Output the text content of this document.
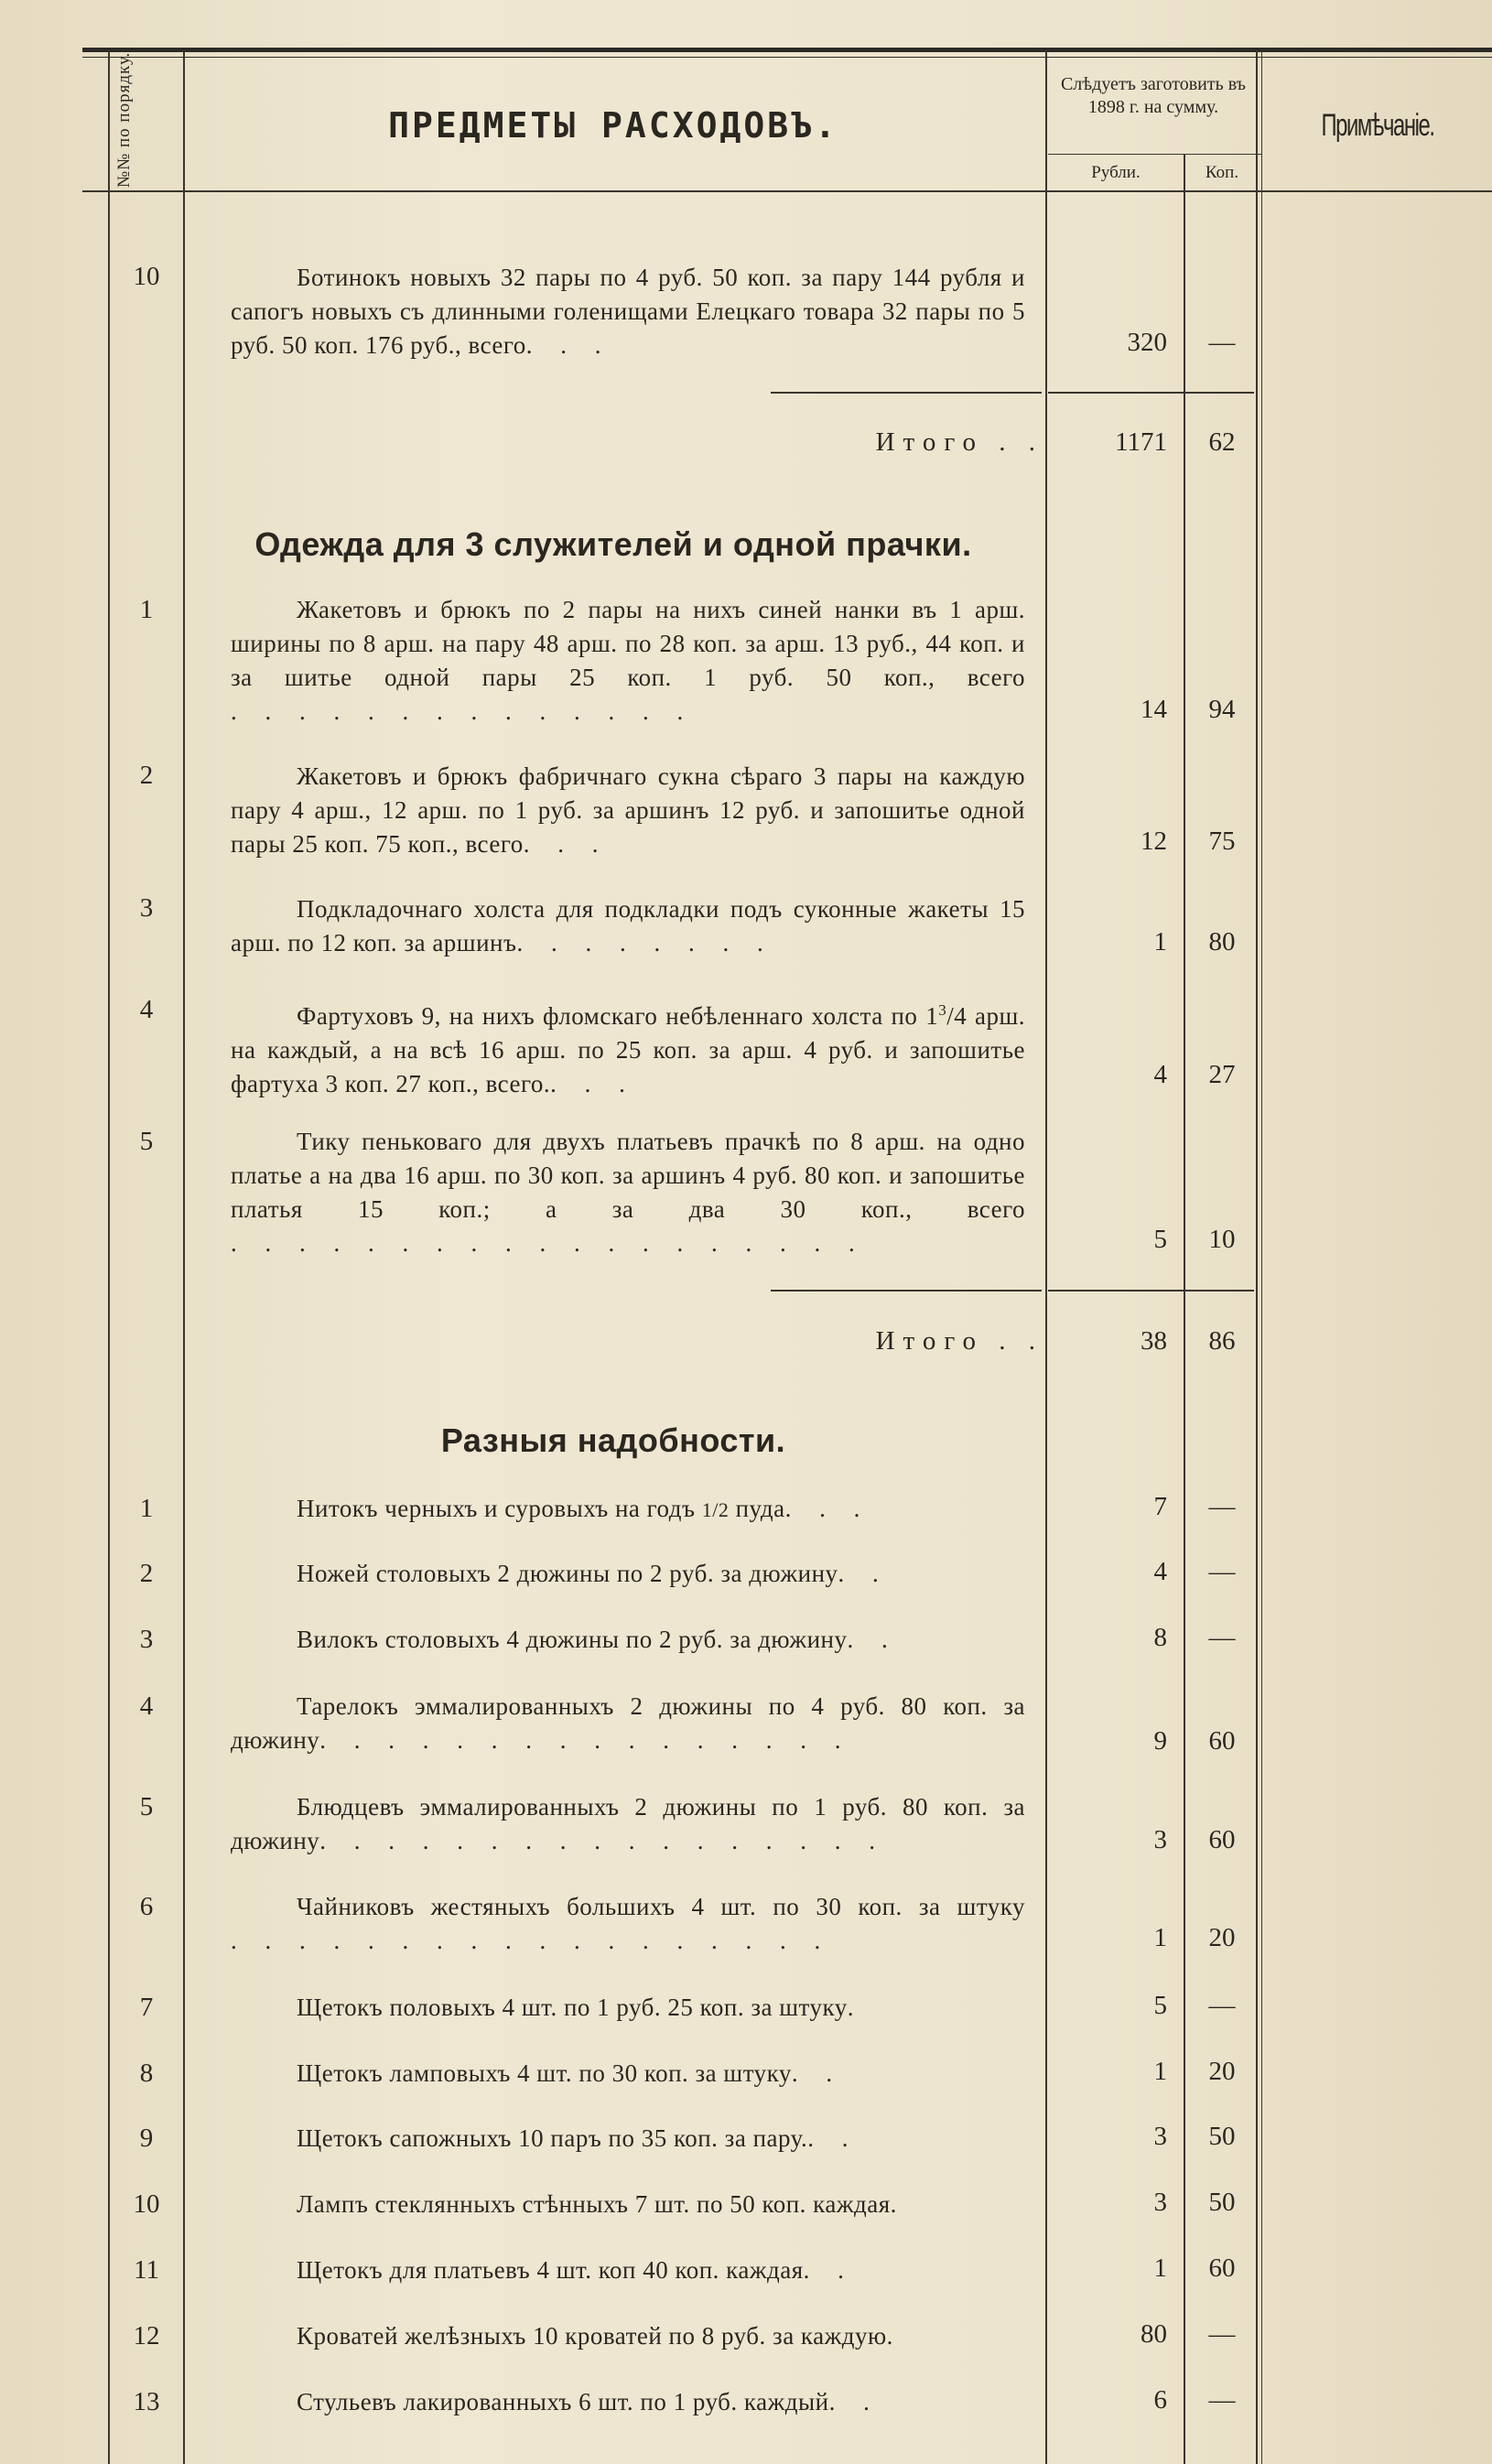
№№ по порядку.	ПРЕДМЕТЫ РАСХОДОВЪ.
Слѣдуетъ заготовить въ 1898 г. на сумму.
Рубли.	Коп.
Примѣчаніе.
10	Ботинокъ новыхъ 32 пары по 4 руб. 50 коп. за пару 144 рубля и сапогъ новыхъ съ длинными голенищами Елецкаго товара 32 пары по 5 руб. 50 коп. 176 руб., всего. . .	320	—
Итого . .	1171	62
Одежда для 3 служителей и одной прачки.
1	Жакетовъ и брюкъ по 2 пары на нихъ синей нанки въ 1 арш. ширины по 8 арш. на пару 48 арш. по 28 коп. за арш. 13 руб., 44 коп. и за шитье одной пары 25 коп. 1 руб. 50 коп., всего. . . . . . . . . . . . . .	14	94
2	Жакетовъ и брюкъ фабричнаго сукна сѣраго 3 пары на каждую пару 4 арш., 12 арш. по 1 руб. за аршинъ 12 руб. и запошитье одной пары 25 коп. 75 коп., всего. . .	12	75
3	Подкладочнаго холста для подкладки подъ суконные жакеты 15 арш. по 12 коп. за аршинъ. . . . . . . .	1	80
4	Фартуховъ 9, на нихъ фломскаго небѣленнаго холста по $1^3/4$ арш. на каждый, а на всѣ 16 арш. по 25 коп. за арш. 4 руб. и запошитье фартуха 3 коп. 27 коп., всего.. . .	4	27
5	Тику пеньковаго для двухъ платьевъ прачкѣ по 8 арш. на одно платье а на два 16 арш. по 30 коп. за аршинъ 4 руб. 80 коп. и запошитье платья 15 коп.; а за два 30 коп., всего. . . . . . . . . . . . . . . . . . .	5	10
Итого . .	38	86
Разныя надобности.
1	Нитокъ черныхъ и суровыхъ на годъ 1/2 пуда. . .	7	—
2	Ножей столовыхъ 2 дюжины по 2 руб. за дюжину. .	4	—
3	Вилокъ столовыхъ 4 дюжины по 2 руб. за дюжину. .	8	—
4	Тарелокъ эммалированныхъ 2 дюжины по 4 руб. 80 коп. за дюжину. . . . . . . . . . . . . . . .	9	60
5	Блюдцевъ эммалированныхъ 2 дюжины по 1 руб. 80 коп. за дюжину. . . . . . . . . . . . . . . . .	3	60
6	Чайниковъ жестяныхъ большихъ 4 шт. по 30 коп. за штуку. . . . . . . . . . . . . . . . . .	1	20
7	Щетокъ половыхъ 4 шт. по 1 руб. 25 коп. за штуку.	5	—
8	Щетокъ ламповыхъ 4 шт. по 30 коп. за штуку. .	1	20
9	Щетокъ сапожныхъ 10 паръ по 35 коп. за пару.. .	3	50
10	Лампъ стеклянныхъ стѣнныхъ 7 шт. по 50 коп. каждая.	3	50
11	Щетокъ для платьевъ 4 шт. коп 40 коп. каждая. .	1	60
12	Кроватей желѣзныхъ 10 кроватей по 8 руб. за каждую.	80	—
13	Стульевъ лакированныхъ 6 шт. по 1 руб. каждый. .	6	—
